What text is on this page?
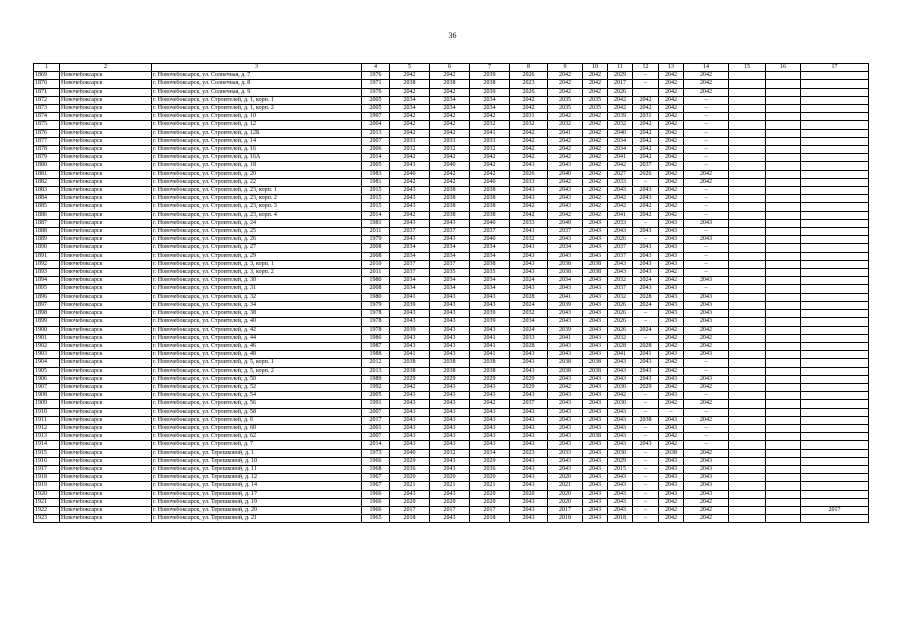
36
1	2	3	4	5	6	7	8	9	10	11	12	13	14	15	16	17
1869	Новочебоксарск	г. Новочебоксарск, ул. Солнечная, д. 7	1976	2042	2042	2039	2026	2042	2042	2029	–	2042	2042			
1870	Новочебоксарск	г. Новочебоксарск, ул. Солнечная, д. 8	1971	2038	2038	2038	2023	2042	2042	2017	–	2042	2042			
1871	Новочебоксарск	г. Новочебоксарск, ул. Солнечная, д. 9	1976	2042	2042	2039	2026	2042	2042	2026		2042	2042			
1872	Новочебоксарск	г. Новочебоксарск, ул. Строителей, д. 1, корп. 1	2005	2034	2034	2034	2042	2035	2035	2042	2042	2042	–			
1873	Новочебоксарск	г. Новочебоксарск, ул. Строителей, д. 1, корп. 2	2005	2034	2034	2034	2042	2035	2035	2042	2042	2042	–			
1874	Новочебоксарск	г. Новочебоксарск, ул. Строителей, д. 10	1997	2042	2042	2042	2031	2042	2042	2039	2031	2042	–			
1875	Новочебоксарск	г. Новочебоксарск, ул. Строителей, д. 12	2004	2042	2042	2032	2032	2032	2042	2032	2042	2042	–			
1876	Новочебоксарск	г. Новочебоксарск, ул. Строителей, д. 12Б	2013	2042	2042	2041	2042	2041	2042	2040	2042	2042	–			
1877	Новочебоксарск	г. Новочебоксарск, ул. Строителей, д. 14	2007	2033	2033	2033	2042	2042	2042	2034	2042	2042	–			
1878	Новочебоксарск	г. Новочебоксарск, ул. Строителей, д. 16	2006	2032	2032	2032	2042	2042	2042	2034	2042	2042	–			
1879	Новочебоксарск	г. Новочебоксарск, ул. Строителей, д. 16А	2014	2042	2042	2042	2042	2042	2042	2041	2042	2042	–			
1880	Новочебоксарск	г. Новочебоксарск, ул. Строителей, д. 18	2005	2043	2040	2042	2043	2043	2042	2042	2037	2042	–			
1881	Новочебоксарск	г. Новочебоксарск, ул. Строителей, д. 20	1983	2040	2042	2042	2026	2040	2042	2027	2026	2042	2042			
1882	Новочебоксарск	г. Новочебоксарск, ул. Строителей, д. 22	1981	2042	2042	2040	2033	2042	2042	2033	–	2042	2042			
1883	Новочебоксарск	г. Новочебоксарск, ул. Строителей, д. 23, корп. 1	2015	2043	2038	2038	2043	2043	2042	2043	2043	2042	–			
1884	Новочебоксарск	г. Новочебоксарск, ул. Строителей, д. 23, корп. 2	2015	2043	2038	2038	2043	2043	2042	2042	2043	2042	–			
1885	Новочебоксарск	г. Новочебоксарск, ул. Строителей, д. 23, корп. 3	2015	2043	2038	2038	2042	2043	2042	2042	2042	2042	–			
1886	Новочебоксарск	г. Новочебоксарск, ул. Строителей, д. 23, корп. 4	2014	2042	2038	2038	2042	2042	2042	2041	2042	2042	–			
1887	Новочебоксарск	г. Новочебоксарск, ул. Строителей, д. 24	1981	2043	2043	2040	2033	2040	2043	2033	–	2043	2043			
1888	Новочебоксарск	г. Новочебоксарск, ул. Строителей, д. 25	2011	2037	2037	2037	2043	2037	2043	2043	2043	2043	–			
1889	Новочебоксарск	г. Новочебоксарск, ул. Строителей, д. 26	1979	2043	2043	2040	2032	2043	2043	2026	–	2043	2043			
1890	Новочебоксарск	г. Новочебоксарск, ул. Строителей, д. 27	2008	2034	2034	2034	2043	2034	2043	2037	2043	2043	–			
1891	Новочебоксарск	г. Новочебоксарск, ул. Строителей, д. 29	2008	2034	2034	2034	2043	2043	2043	2037	2043	2043	–			
1892	Новочебоксарск	г. Новочебоксарск, ул. Строителей, д. 3, корп. 1	2010	2037	2037	2038	2043	2038	2038	2043	2043	2043	–			
1893	Новочебоксарск	г. Новочебоксарск, ул. Строителей, д. 3, корп. 2	2011	2037	2035	2035	2043	2038	2038	2043	2043	2042	–			
1894	Новочебоксарск	г. Новочебоксарск, ул. Строителей, д. 30	1980	2034	2034	2034	2024	2034	2043	2032	2024	2042	2043			
1895	Новочебоксарск	г. Новочебоксарск, ул. Строителей, д. 31	2008	2034	2034	2034	2043	2043	2043	2037	2043	2043	–			
1896	Новочебоксарск	г. Новочебоксарск, ул. Строителей, д. 32	1980	2041	2043	2043	2028	2041	2043	2032	2028	2043	2043			
1897	Новочебоксарск	г. Новочебоксарск, ул. Строителей, д. 34	1979	2039	2043	2043	2024	2039	2043	2026	2024	2043	2043			
1898	Новочебоксарск	г. Новочебоксарск, ул. Строителей, д. 38	1978	2043	2043	2039	2032	2043	2043	2026	–	2043	2043			
1899	Новочебоксарск	г. Новочебоксарск, ул. Строителей, д. 40	1978	2043	2043	2039	2034	2043	2043	2026	–	2043	2043			
1900	Новочебоксарск	г. Новочебоксарск, ул. Строителей, д. 42	1978	2039	2043	2043	2024	2039	2043	2026	2024	2042	2042			
1901	Новочебоксарск	г. Новочебоксарск, ул. Строителей, д. 44	1986	2043	2043	2041	2033	2041	2043	2032	–	2042	2042			
1902	Новочебоксарск	г. Новочебоксарск, ул. Строителей, д. 46	1987	2043	2043	2041	2028	2043	2043	2028	2028	2042	2042			
1903	Новочебоксарск	г. Новочебоксарск, ул. Строителей, д. 48	1988	2041	2043	2041	2043	2043	2043	2041	2041	2043	2043			
1904	Новочебоксарск	г. Новочебоксарск, ул. Строителей, д. 5, корп. 1	2012	2038	2038	2038	2043	2038	2038	2043	2043	2042	–			
1905	Новочебоксарск	г. Новочебоксарск, ул. Строителей, д. 5, корп. 2	2013	2038	2038	2038	2043	2038	2038	2043	2043	2042	–			
1906	Новочебоксарск	г. Новочебоксарск, ул. Строителей, д. 50	1989	2029	2029	2029	2029	2043	2043	2043	2043	2043	2043			
1907	Новочебоксарск	г. Новочебоксарск, ул. Строителей, д. 52	1992	2042	2043	2043	2029	2042	2043	2030	2029	2042	2042			
1908	Новочебоксарск	г. Новочебоксарск, ул. Строителей, д. 54	2005	2043	2043	2043	2043	2043	2043	2042	–	2043	–			
1909	Новочебоксарск	г. Новочебоксарск, ул. Строителей, д. 56	1991	2043	2043	2042	2037	2043	2043	2030	–	2042	2042			
1910	Новочебоксарск	г. Новочебоксарск, ул. Строителей, д. 58	2007	2043	2043	2043	2043	2043	2043	2043	–	–	–			
1911	Новочебоксарск	г. Новочебоксарск, ул. Строителей, д. 6	2017	2043	2043	2043	2043	2043	2043	2043	2038	2043	2042			
1912	Новочебоксарск	г. Новочебоксарск, ул. Строителей, д. 60	2001	2043	2043	2043	2043	2043	2043	2043	–	2043	–			
1913	Новочебоксарск	г. Новочебоксарск, ул. Строителей, д. 62	2007	2043	2043	2043	2043	2043	2038	2043	–	2042	–			
1914	Новочебоксарск	г. Новочебоксарск, ул. Строителей, д. 7	2014	2043	2043	2043	2043	2043	2043	2043	2043	2042	–			
1915	Новочебоксарск	г. Новочебоксарск, ул. Терешковой, д. 1	1973	2040	2032	2034	2023	2033	2043	2030	–	2038	2042			
1916	Новочебоксарск	г. Новочебоксарск, ул. Терешковой, д. 10	1966	2029	2043	2029	2043	2043	2043	2029	–	2043	2043			
1917	Новочебоксарск	г. Новочебоксарск, ул. Терешковой, д. 11	1968	2036	2043	2036	2043	2043	2043	2015	–	2043	2043			
1918	Новочебоксарск	г. Новочебоксарск, ул. Терешковой, д. 12	1967	2020	2020	2020	2043	2020	2043	2043	–	2043	2043			
1919	Новочебоксарск	г. Новочебоксарск, ул. Терешковой, д. 14	1967	2021	2021	2021	2043	2021	2043	2043	–	2043	2043			
1920	Новочебоксарск	г. Новочебоксарск, ул. Терешковой, д. 17	1966	2043	2043	2020	2020	2020	2043	2043	–	2043	2043			
1921	Новочебоксарск	г. Новочебоксарск, ул. Терешковой, д. 19	1966	2020	2020	2020	2043	2020	2043	2043	–	2042	2042			
1922	Новочебоксарск	г. Новочебоксарск, ул. Терешковой, д. 20	1966	2017	2017	2017	2043	2017	2043	2043	–	2042	2042			2017
1923	Новочебоксарск	г. Новочебоксарск, ул. Терешковой, д. 21	1965	2018	2043	2018	2043	2018	2043	2018	–	2042	2042			
